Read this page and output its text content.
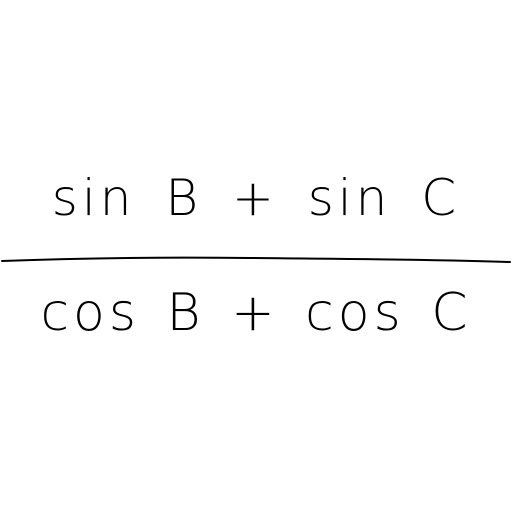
sin B + sin C
cos B + cos C
